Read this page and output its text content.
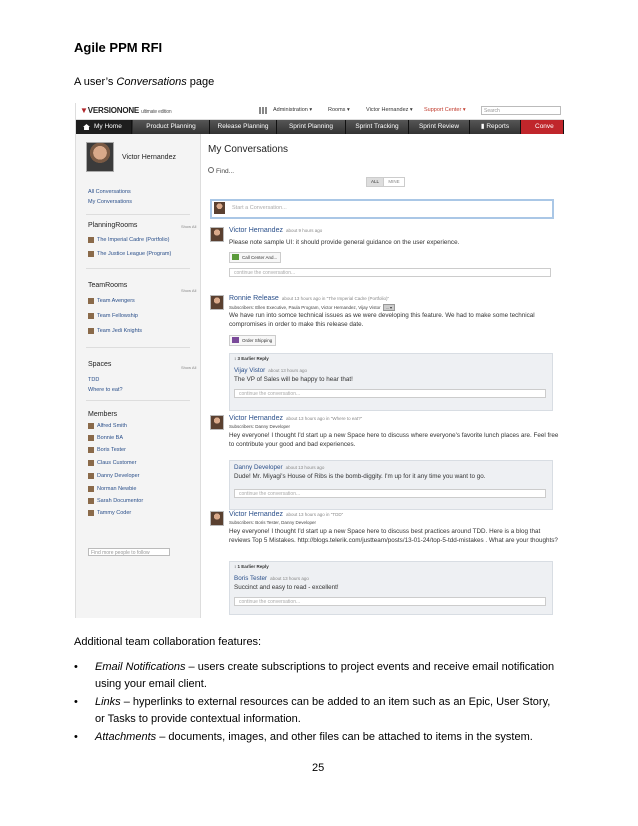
Agile PPM RFI
A user’s Conversations page
▼VERSIONONE ultimate edition	Administration ▾	Rooms ▾	Victor Hernandez ▾ Support Center ▾	Search
My Home	Product Planning	Release Planning	Sprint Planning	Sprint Tracking	Sprint Review	▮ Reports	Conve
Victor Hernandez
All Conversations
My Conversations
PlanningRooms	Show All
The Imperial Cadre (Portfolio)
The Justice League (Program)
TeamRooms
Show All
Team Avengers
Team Fellowship
Team Jedi Knights
Spaces	Show All
TDD
Where to eat?
Members
Alfred Smith
Bonnie BA
Boris Tester
Claus Customer
Danny Developer
Norman Newbie
Sarah Documentor
Tammy Coder
Find more people to follow
My Conversations
Find...
ALL	MINE
Start a Conversation...
Victor Hernandez about 9 hours ago
Please note sample UI: it should provide general guidance on the user experience.
Call Center And...
continue the conversation...
Ronnie Release about 13 hours ago in "The Imperial Cadre (Portfolio)"
Subscribers: Ellen Executive, Paula Program, Victor Hernandez, Vijay Vistor ... ▾
We have run into somce technical issues as we were developing this feature. We had to make some technical compromises in order to make this release date.
Order Shipping
↕ 3 Earlier Reply
Vijay Vistor about 13 hours ago
The VP of Sales will be happy to hear that!
continue the conversation...
Victor Hernandez about 13 hours ago in "Where to eat?"
Subscribers: Danny Developer
Hey everyone! I thought I'd start up a new Space here to discuss where everyone's favorite lunch places are. Feel free to contribute your good and bad experiences.
Danny Developer about 13 hours ago
Dude! Mr. Miyagi's House of Ribs is the bomb-diggity. I'm up for it any time you want to go.
continue the conversation...
Victor Hernandez about 13 hours ago in "TDD"
Subscribers: Boris Tester, Danny Developer
Hey everyone! I thought I'd start up a new Space here to discuss best practices around TDD. Here is a blog that reviews Top 5 Mistakes. http://blogs.telerik.com/justteam/posts/13-01-24/top-5-tdd-mistakes . What are your thoughts?
↕ 1 Earlier Reply
Boris Tester about 13 hours ago
Succinct and easy to read - excellent!
continue the conversation...
Additional team collaboration features:
• Email Notifications – users create subscriptions to project events and receive email notification using your email client.
• Links – hyperlinks to external resources can be added to an item such as an Epic, User Story, or Tasks to provide contextual information.
• Attachments – documents, images, and other files can be attached to items in the system.
25
